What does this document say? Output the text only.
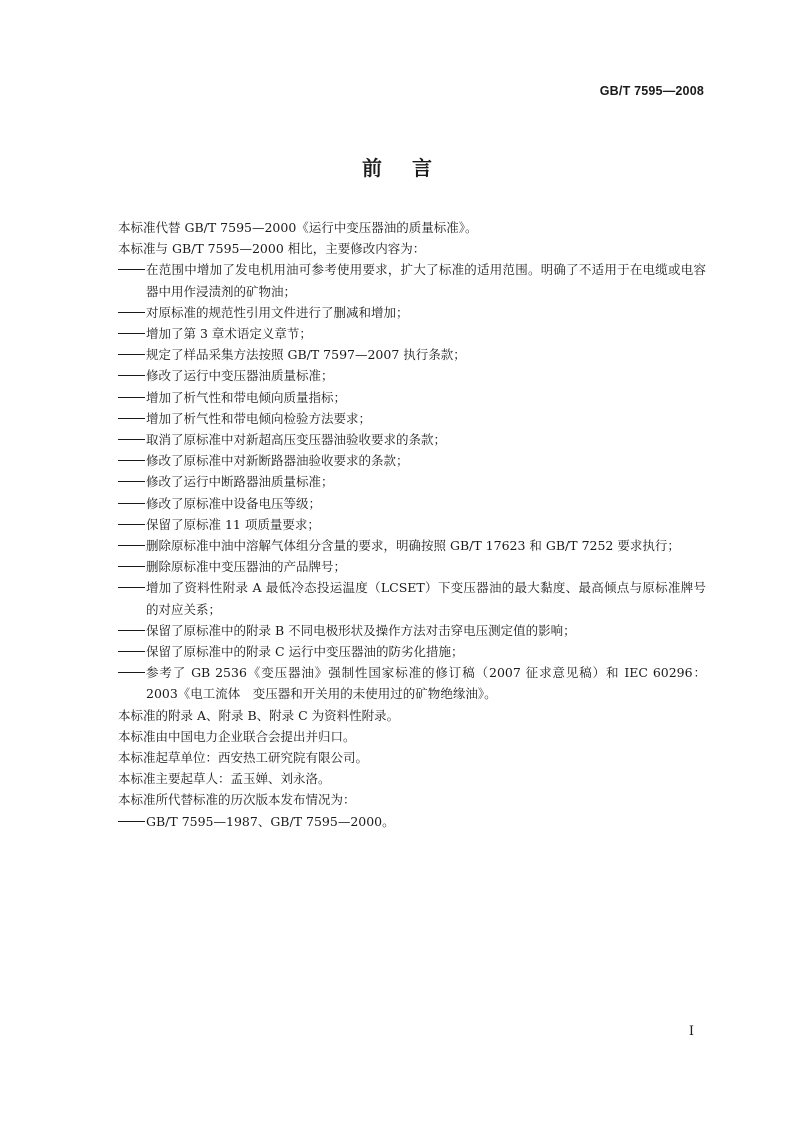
GB/T 7595—2008
前言

本标准代替 GB/T 7595—2000《运行中变压器油的质量标准》。

本标准与 GB/T 7595—2000 相比，主要修改内容为：

在范围中增加了发电机用油可参考使用要求，扩大了标准的适用范围。明确了不适用于在电缆或电容器中用作浸渍剂的矿物油；

对原标准的规范性引用文件进行了删减和增加；

增加了第 3 章术语定义章节；

规定了样品采集方法按照 GB/T 7597—2007 执行条款；

修改了运行中变压器油质量标准；

增加了析气性和带电倾向质量指标；

增加了析气性和带电倾向检验方法要求；

取消了原标准中对新超高压变压器油验收要求的条款；

修改了原标准中对新断路器油验收要求的条款；

修改了运行中断路器油质量标准；

修改了原标准中设备电压等级；

保留了原标准 11 项质量要求；

删除原标准中油中溶解气体组分含量的要求，明确按照 GB/T 17623 和 GB/T 7252 要求执行；

删除原标准中变压器油的产品牌号；

增加了资料性附录 A 最低冷态投运温度（LCSET）下变压器油的最大黏度、最高倾点与原标准牌号的对应关系；

保留了原标准中的附录 B 不同电极形状及操作方法对击穿电压测定值的影响；

保留了原标准中的附录 C 运行中变压器油的防劣化措施；

参考了 GB 2536《变压器油》强制性国家标准的修订稿（2007 征求意见稿）和 IEC 60296：2003《电工流体　变压器和开关用的未使用过的矿物绝缘油》。

本标准的附录 A、附录 B、附录 C 为资料性附录。

本标准由中国电力企业联合会提出并归口。

本标准起草单位：西安热工研究院有限公司。

本标准主要起草人：孟玉婵、刘永洛。

本标准所代替标准的历次版本发布情况为：

GB/T 7595—1987、GB/T 7595—2000。

I
